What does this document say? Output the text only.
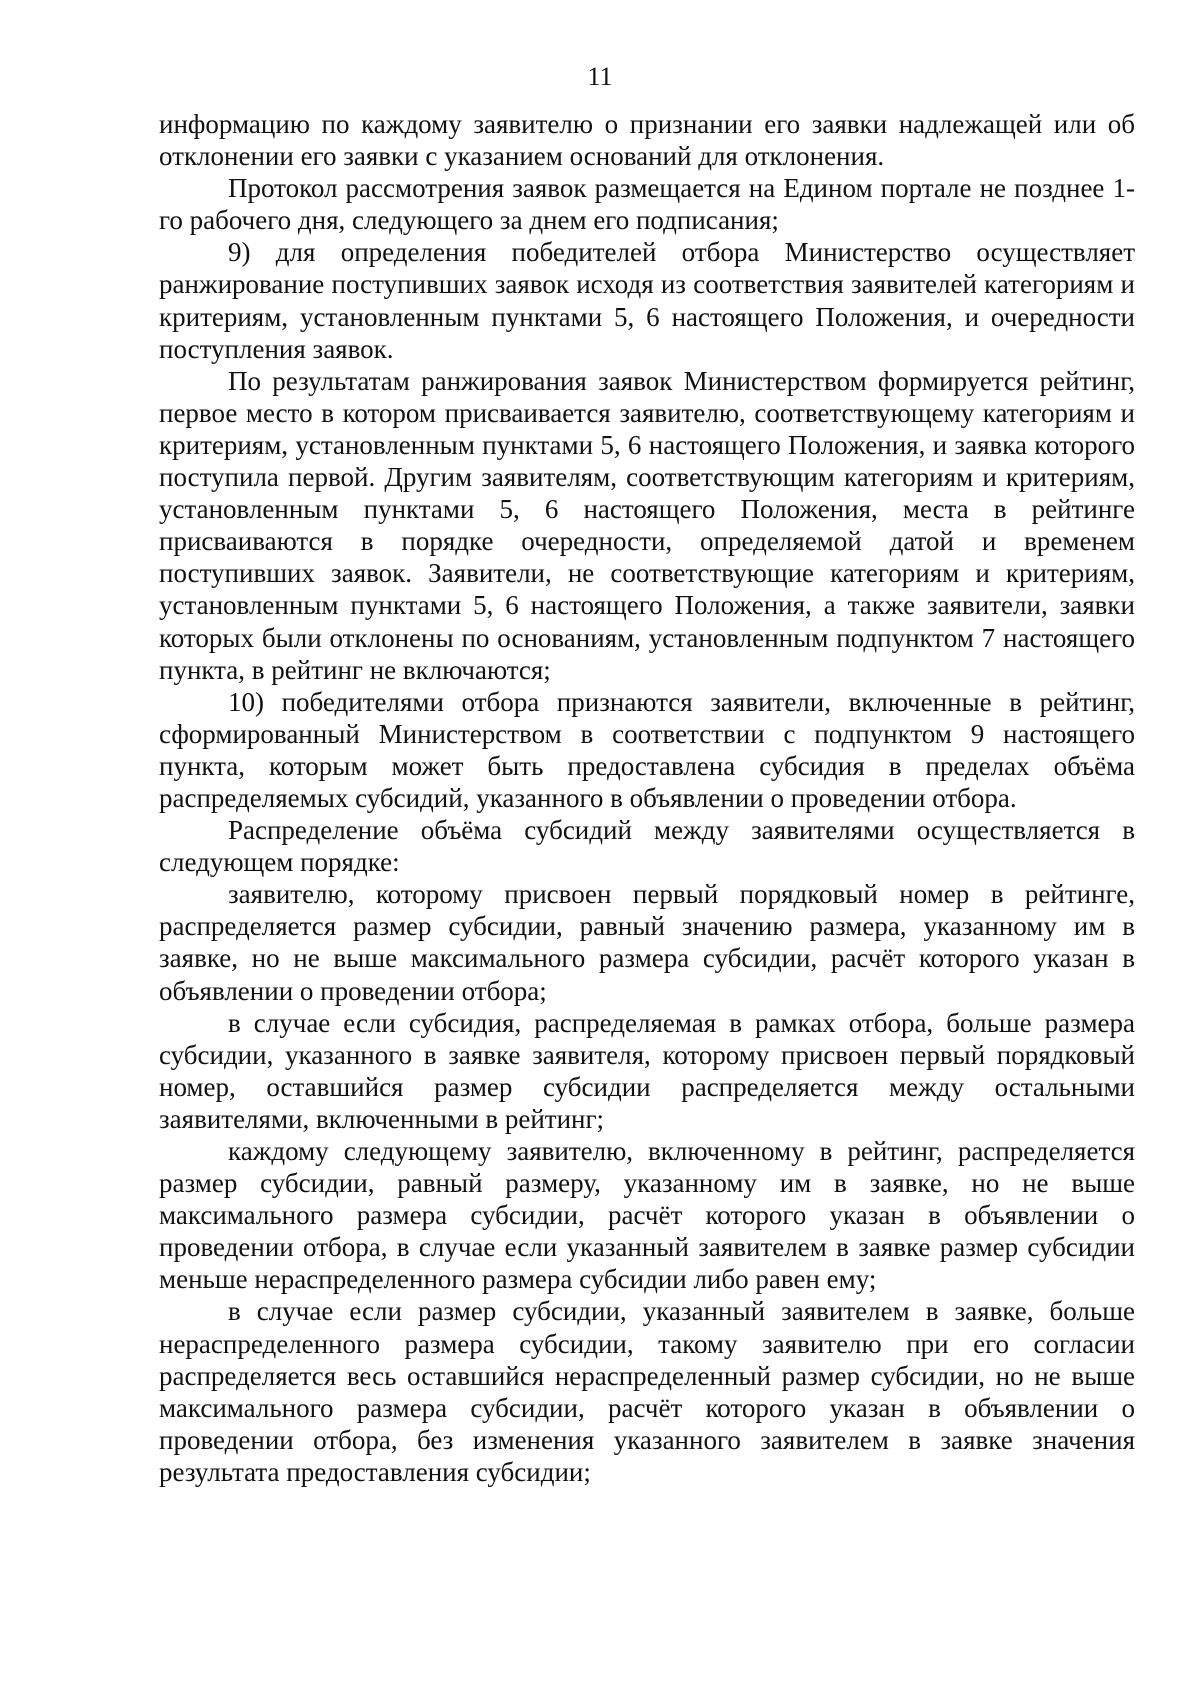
11

информацию по каждому заявителю о признании его заявки надлежащей или об отклонении его заявки с указанием оснований для отклонения.

Протокол рассмотрения заявок размещается на Едином портале не позднее 1-го рабочего дня, следующего за днем его подписания;

9) для определения победителей отбора Министерство осуществляет ранжирование поступивших заявок исходя из соответствия заявителей категориям и критериям, установленным пунктами 5, 6 настоящего Положения, и очередности поступления заявок.

По результатам ранжирования заявок Министерством формируется рейтинг, первое место в котором присваивается заявителю, соответствующему категориям и критериям, установленным пунктами 5, 6 настоящего Положения, и заявка которого поступила первой. Другим заявителям, соответствующим категориям и критериям, установленным пунктами 5, 6 настоящего Положения, места в рейтинге присваиваются в порядке очередности, определяемой датой и временем поступивших заявок. Заявители, не соответствующие категориям и критериям, установленным пунктами 5, 6 настоящего Положения, а также заявители, заявки которых были отклонены по основаниям, установленным подпунктом 7 настоящего пункта, в рейтинг не включаются;

10) победителями отбора признаются заявители, включенные в рейтинг, сформированный Министерством в соответствии с подпунктом 9 настоящего пункта, которым может быть предоставлена субсидия в пределах объёма распределяемых субсидий, указанного в объявлении о проведении отбора.

Распределение объёма субсидий между заявителями осуществляется в следующем порядке:

заявителю, которому присвоен первый порядковый номер в рейтинге, распределяется размер субсидии, равный значению размера, указанному им в заявке, но не выше максимального размера субсидии, расчёт которого указан в объявлении о проведении отбора;

в случае если субсидия, распределяемая в рамках отбора, больше размера субсидии, указанного в заявке заявителя, которому присвоен первый порядковый номер, оставшийся размер субсидии распределяется между остальными заявителями, включенными в рейтинг;

каждому следующему заявителю, включенному в рейтинг, распределяется размер субсидии, равный размеру, указанному им в заявке, но не выше максимального размера субсидии, расчёт которого указан в объявлении о проведении отбора, в случае если указанный заявителем в заявке размер субсидии меньше нераспределенного размера субсидии либо равен ему;

в случае если размер субсидии, указанный заявителем в заявке, больше нераспределенного размера субсидии, такому заявителю при его согласии распределяется весь оставшийся нераспределенный размер субсидии, но не выше максимального размера субсидии, расчёт которого указан в объявлении о проведении отбора, без изменения указанного заявителем в заявке значения результата предоставления субсидии;
